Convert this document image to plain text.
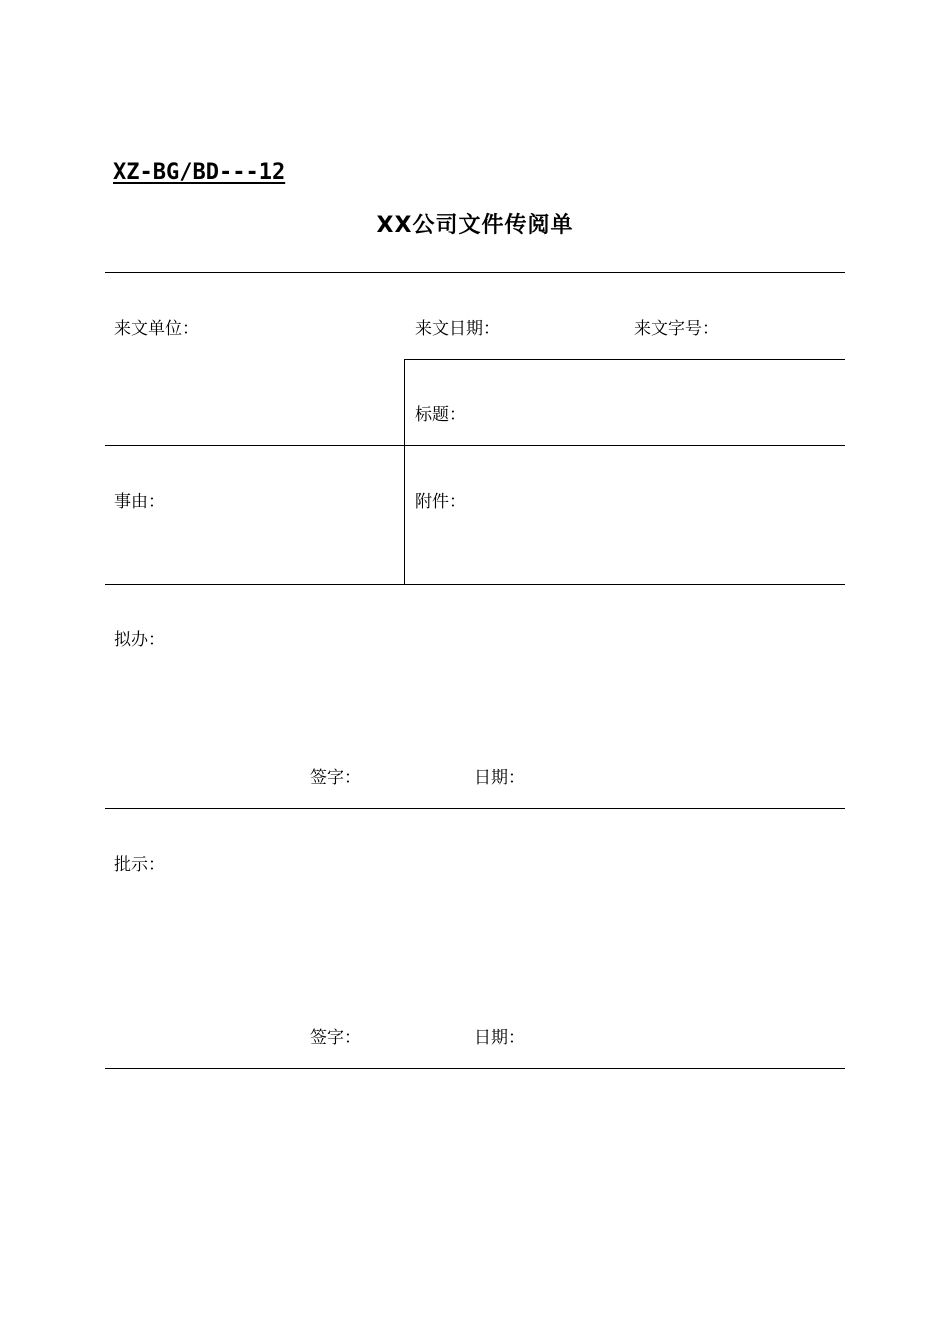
XZ-BG/BD---12
XX公司文件传阅单
来文单位：	来文日期：	来文字号：
标题：
事由：	附件：
拟办：
签字：	日期：
批示：
签字：	日期：
